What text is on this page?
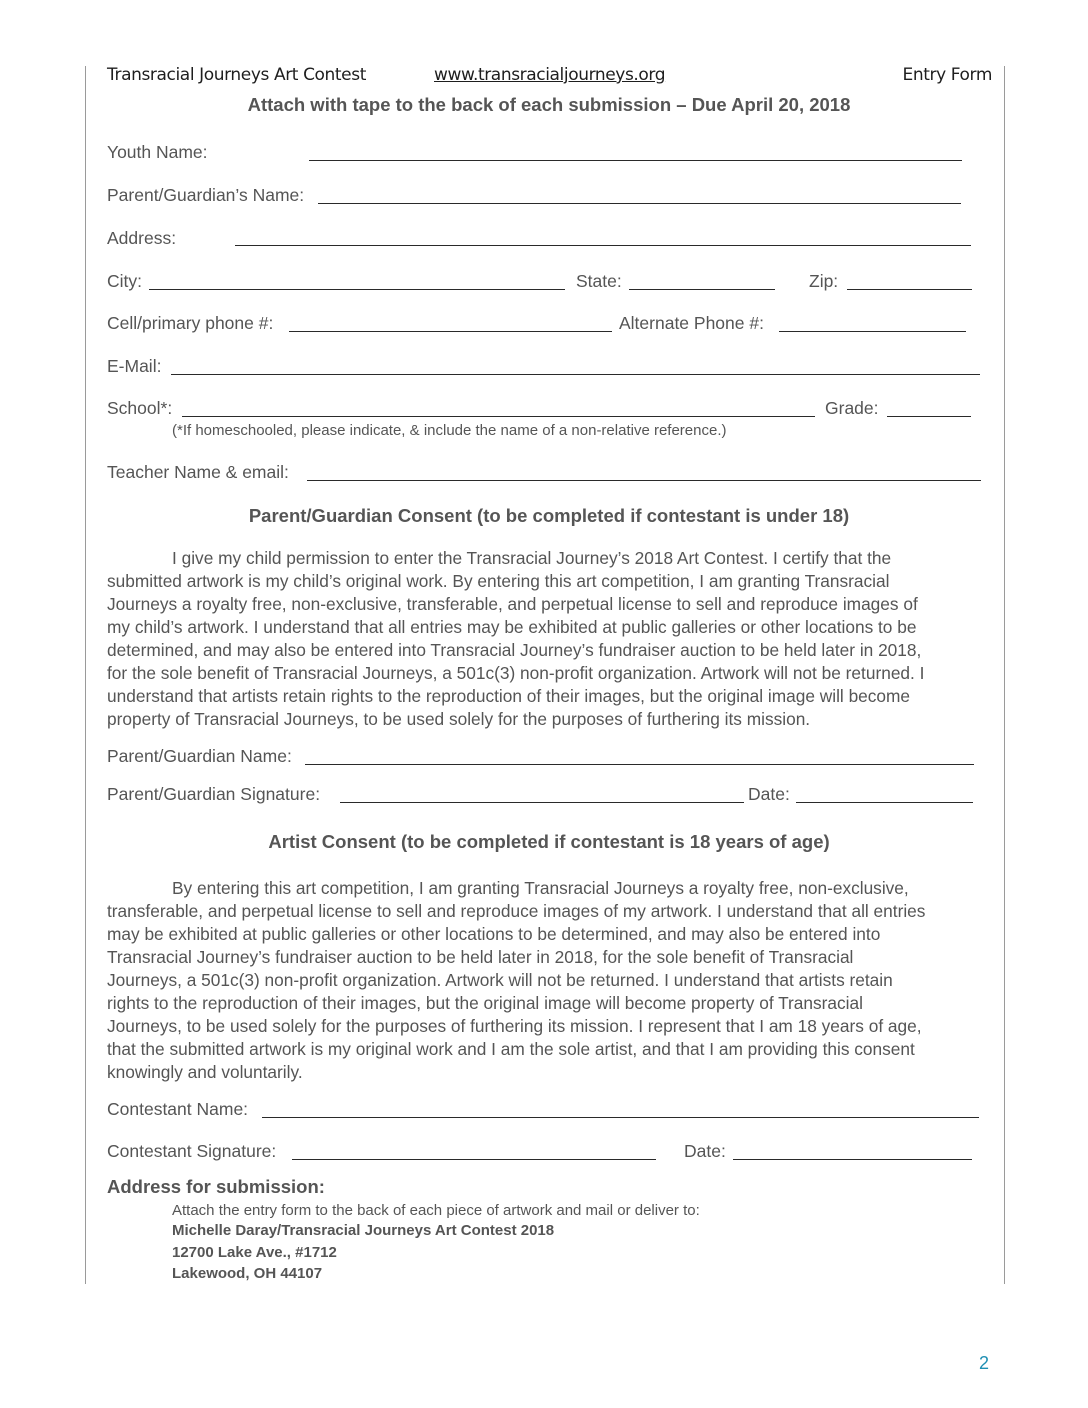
Transracial Journeys Art Contest	www.transracialjourneys.org	Entry Form
Attach with tape to the back of each submission – Due April 20, 2018
Youth Name:
Parent/Guardian’s Name:
Address:
City:	State:	Zip:
Cell/primary phone #:	Alternate Phone #:
E-Mail:
School*:	Grade:
(*If homeschooled, please indicate, & include the name of a non-relative reference.)
Teacher Name & email:
Parent/Guardian Consent (to be completed if contestant is under 18)
I give my child permission to enter the Transracial Journey’s 2018 Art Contest. I certify that the
submitted artwork is my child’s original work. By entering this art competition, I am granting Transracial
Journeys a royalty free, non-exclusive, transferable, and perpetual license to sell and reproduce images of
my child’s artwork. I understand that all entries may be exhibited at public galleries or other locations to be
determined, and may also be entered into Transracial Journey’s fundraiser auction to be held later in 2018,
for the sole benefit of Transracial Journeys, a 501c(3) non-profit organization. Artwork will not be returned. I
understand that artists retain rights to the reproduction of their images, but the original image will become
property of Transracial Journeys, to be used solely for the purposes of furthering its mission.
Parent/Guardian Name:
Parent/Guardian Signature:	Date:
Artist Consent (to be completed if contestant is 18 years of age)
By entering this art competition, I am granting Transracial Journeys a royalty free, non-exclusive,
transferable, and perpetual license to sell and reproduce images of my artwork. I understand that all entries
may be exhibited at public galleries or other locations to be determined, and may also be entered into
Transracial Journey’s fundraiser auction to be held later in 2018, for the sole benefit of Transracial
Journeys, a 501c(3) non-profit organization. Artwork will not be returned. I understand that artists retain
rights to the reproduction of their images, but the original image will become property of Transracial
Journeys, to be used solely for the purposes of furthering its mission. I represent that I am 18 years of age,
that the submitted artwork is my original work and I am the sole artist, and that I am providing this consent
knowingly and voluntarily.
Contestant Name:
Contestant Signature:	Date:
Address for submission:
Attach the entry form to the back of each piece of artwork and mail or deliver to:
Michelle Daray/Transracial Journeys Art Contest 2018
12700 Lake Ave., #1712
Lakewood, OH 44107
2
